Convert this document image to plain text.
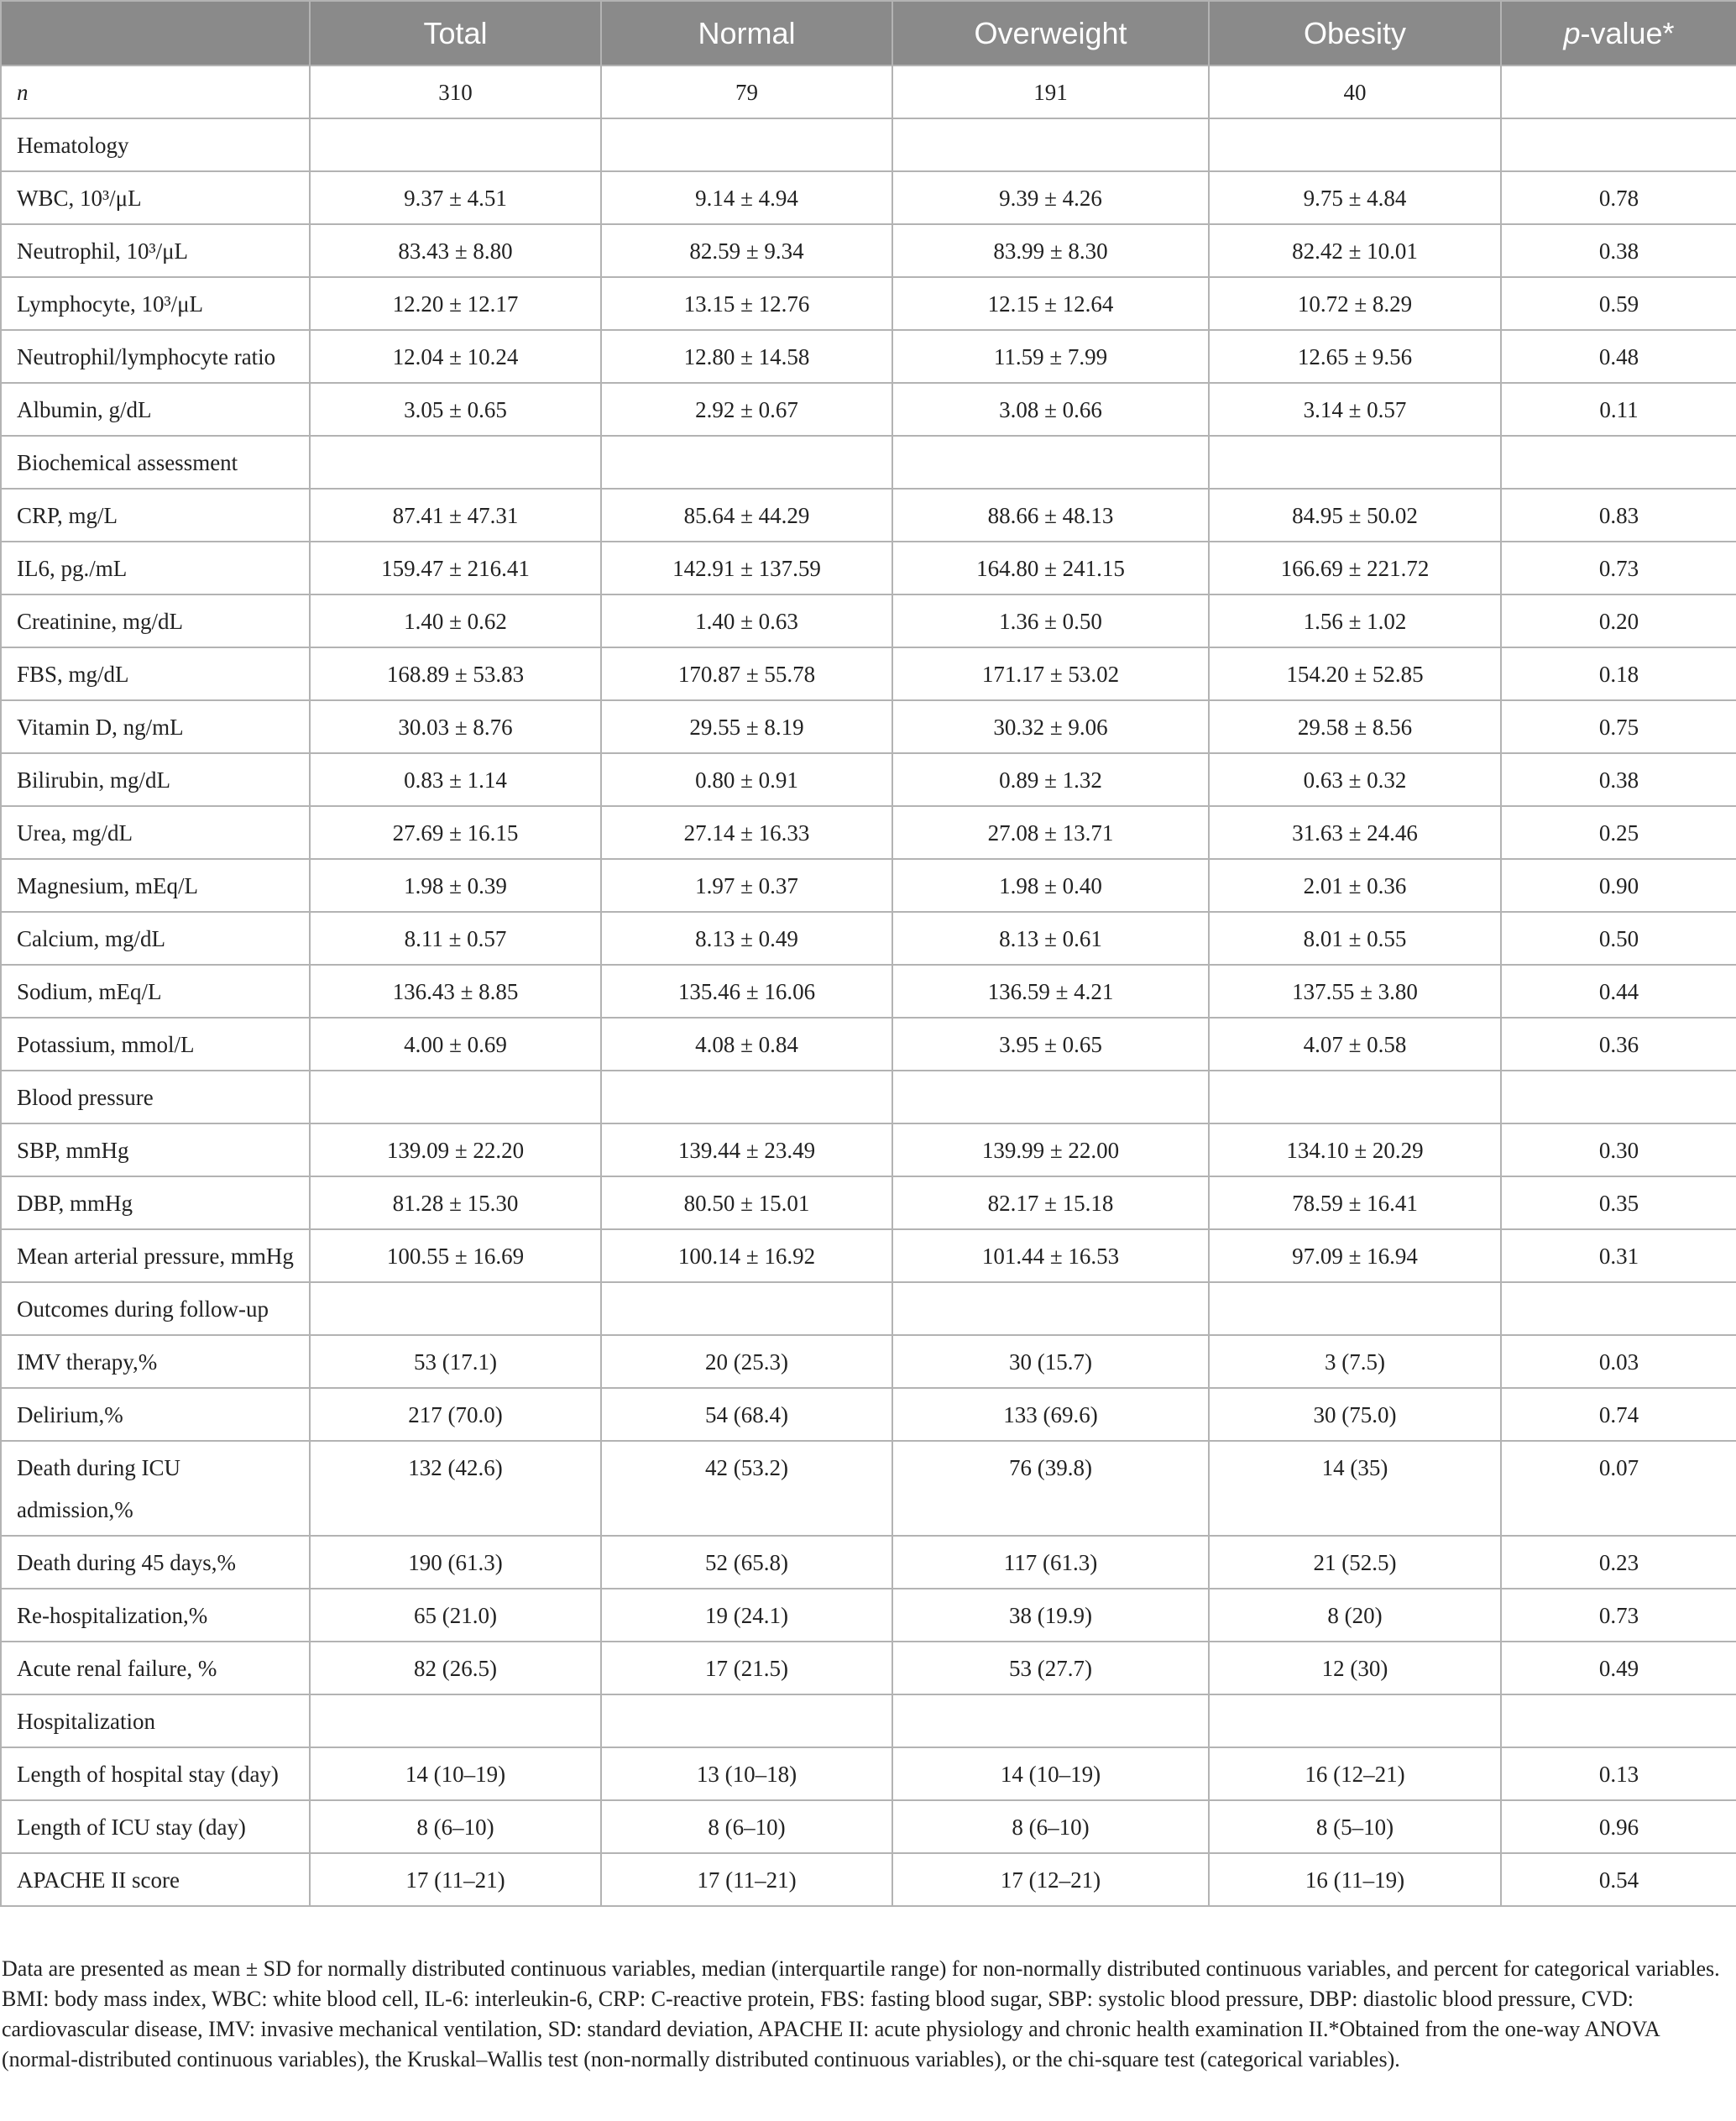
	Total	Normal	Overweight	Obesity	p-value*
n	310	79	191	40	
Hematology					
WBC, 10³/μL	9.37 ± 4.51	9.14 ± 4.94	9.39 ± 4.26	9.75 ± 4.84	0.78
Neutrophil, 10³/μL	83.43 ± 8.80	82.59 ± 9.34	83.99 ± 8.30	82.42 ± 10.01	0.38
Lymphocyte, 10³/μL	12.20 ± 12.17	13.15 ± 12.76	12.15 ± 12.64	10.72 ± 8.29	0.59
Neutrophil/lymphocyte ratio	12.04 ± 10.24	12.80 ± 14.58	11.59 ± 7.99	12.65 ± 9.56	0.48
Albumin, g/dL	3.05 ± 0.65	2.92 ± 0.67	3.08 ± 0.66	3.14 ± 0.57	0.11
Biochemical assessment					
CRP, mg/L	87.41 ± 47.31	85.64 ± 44.29	88.66 ± 48.13	84.95 ± 50.02	0.83
IL6, pg./mL	159.47 ± 216.41	142.91 ± 137.59	164.80 ± 241.15	166.69 ± 221.72	0.73
Creatinine, mg/dL	1.40 ± 0.62	1.40 ± 0.63	1.36 ± 0.50	1.56 ± 1.02	0.20
FBS, mg/dL	168.89 ± 53.83	170.87 ± 55.78	171.17 ± 53.02	154.20 ± 52.85	0.18
Vitamin D, ng/mL	30.03 ± 8.76	29.55 ± 8.19	30.32 ± 9.06	29.58 ± 8.56	0.75
Bilirubin, mg/dL	0.83 ± 1.14	0.80 ± 0.91	0.89 ± 1.32	0.63 ± 0.32	0.38
Urea, mg/dL	27.69 ± 16.15	27.14 ± 16.33	27.08 ± 13.71	31.63 ± 24.46	0.25
Magnesium, mEq/L	1.98 ± 0.39	1.97 ± 0.37	1.98 ± 0.40	2.01 ± 0.36	0.90
Calcium, mg/dL	8.11 ± 0.57	8.13 ± 0.49	8.13 ± 0.61	8.01 ± 0.55	0.50
Sodium, mEq/L	136.43 ± 8.85	135.46 ± 16.06	136.59 ± 4.21	137.55 ± 3.80	0.44
Potassium, mmol/L	4.00 ± 0.69	4.08 ± 0.84	3.95 ± 0.65	4.07 ± 0.58	0.36
Blood pressure					
SBP, mmHg	139.09 ± 22.20	139.44 ± 23.49	139.99 ± 22.00	134.10 ± 20.29	0.30
DBP, mmHg	81.28 ± 15.30	80.50 ± 15.01	82.17 ± 15.18	78.59 ± 16.41	0.35
Mean arterial pressure, mmHg	100.55 ± 16.69	100.14 ± 16.92	101.44 ± 16.53	97.09 ± 16.94	0.31
Outcomes during follow-up					
IMV therapy,%	53 (17.1)	20 (25.3)	30 (15.7)	3 (7.5)	0.03
Delirium,%	217 (70.0)	54 (68.4)	133 (69.6)	30 (75.0)	0.74
Death during ICU admission,%	132 (42.6)	42 (53.2)	76 (39.8)	14 (35)	0.07
Death during 45 days,%	190 (61.3)	52 (65.8)	117 (61.3)	21 (52.5)	0.23
Re-hospitalization,%	65 (21.0)	19 (24.1)	38 (19.9)	8 (20)	0.73
Acute renal failure, %	82 (26.5)	17 (21.5)	53 (27.7)	12 (30)	0.49
Hospitalization					
Length of hospital stay (day)	14 (10–19)	13 (10–18)	14 (10–19)	16 (12–21)	0.13
Length of ICU stay (day)	8 (6–10)	8 (6–10)	8 (6–10)	8 (5–10)	0.96
APACHE II score	17 (11–21)	17 (11–21)	17 (12–21)	16 (11–19)	0.54

Data are presented as mean ± SD for normally distributed continuous variables, median (interquartile range) for non-normally distributed continuous variables, and percent for categorical variables.

BMI: body mass index, WBC: white blood cell, IL-6: interleukin-6, CRP: C-reactive protein, FBS: fasting blood sugar, SBP: systolic blood pressure, DBP: diastolic blood pressure, CVD: cardiovascular disease, IMV: invasive mechanical ventilation, SD: standard deviation, APACHE II: acute physiology and chronic health examination II.*Obtained from the one-way ANOVA (normal-distributed continuous variables), the Kruskal–Wallis test (non-normally distributed continuous variables), or the chi-square test (categorical variables).
